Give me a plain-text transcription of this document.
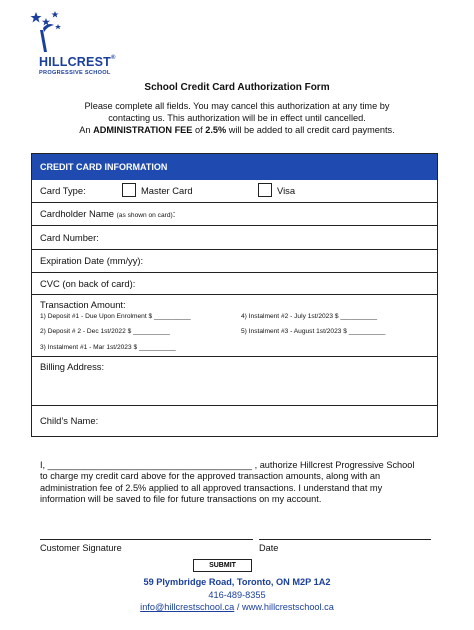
HILLCREST®
PROGRESSIVE SCHOOL
School Credit Card Authorization Form
Please complete all fields. You may cancel this authorization at any time by
contacting us. This authorization will be in effect until cancelled.
An ADMINISTRATION FEE of 2.5% will be added to all credit card payments.
CREDIT CARD INFORMATION
Card Type:	Master Card	Visa
Cardholder Name (as shown on card):
Card Number:
Expiration Date (mm/yy):
CVC (on back of card):
Transaction Amount:
1) Deposit #1 - Due Upon Enrolment $ __________	4) Instalment #2 - July 1st/2023 $ __________
2) Deposit # 2 - Dec 1st/2022 $ __________	5) Instalment #3 - August 1st/2023 $ __________
3) Instalment #1 - Mar 1st/2023 $ __________
Billing Address:
Child’s Name:
I, ________________________________________ , authorize Hillcrest Progressive School
to charge my credit card above for the approved transaction amounts, along with an
administration fee of 2.5% applied to all approved transactions. I understand that my
information will be saved to file for future transactions on my account.
Customer Signature	Date
SUBMIT
59 Plymbridge Road, Toronto, ON M2P 1A2
416-489-8355
info@hillcrestschool.ca / www.hillcrestschool.ca
